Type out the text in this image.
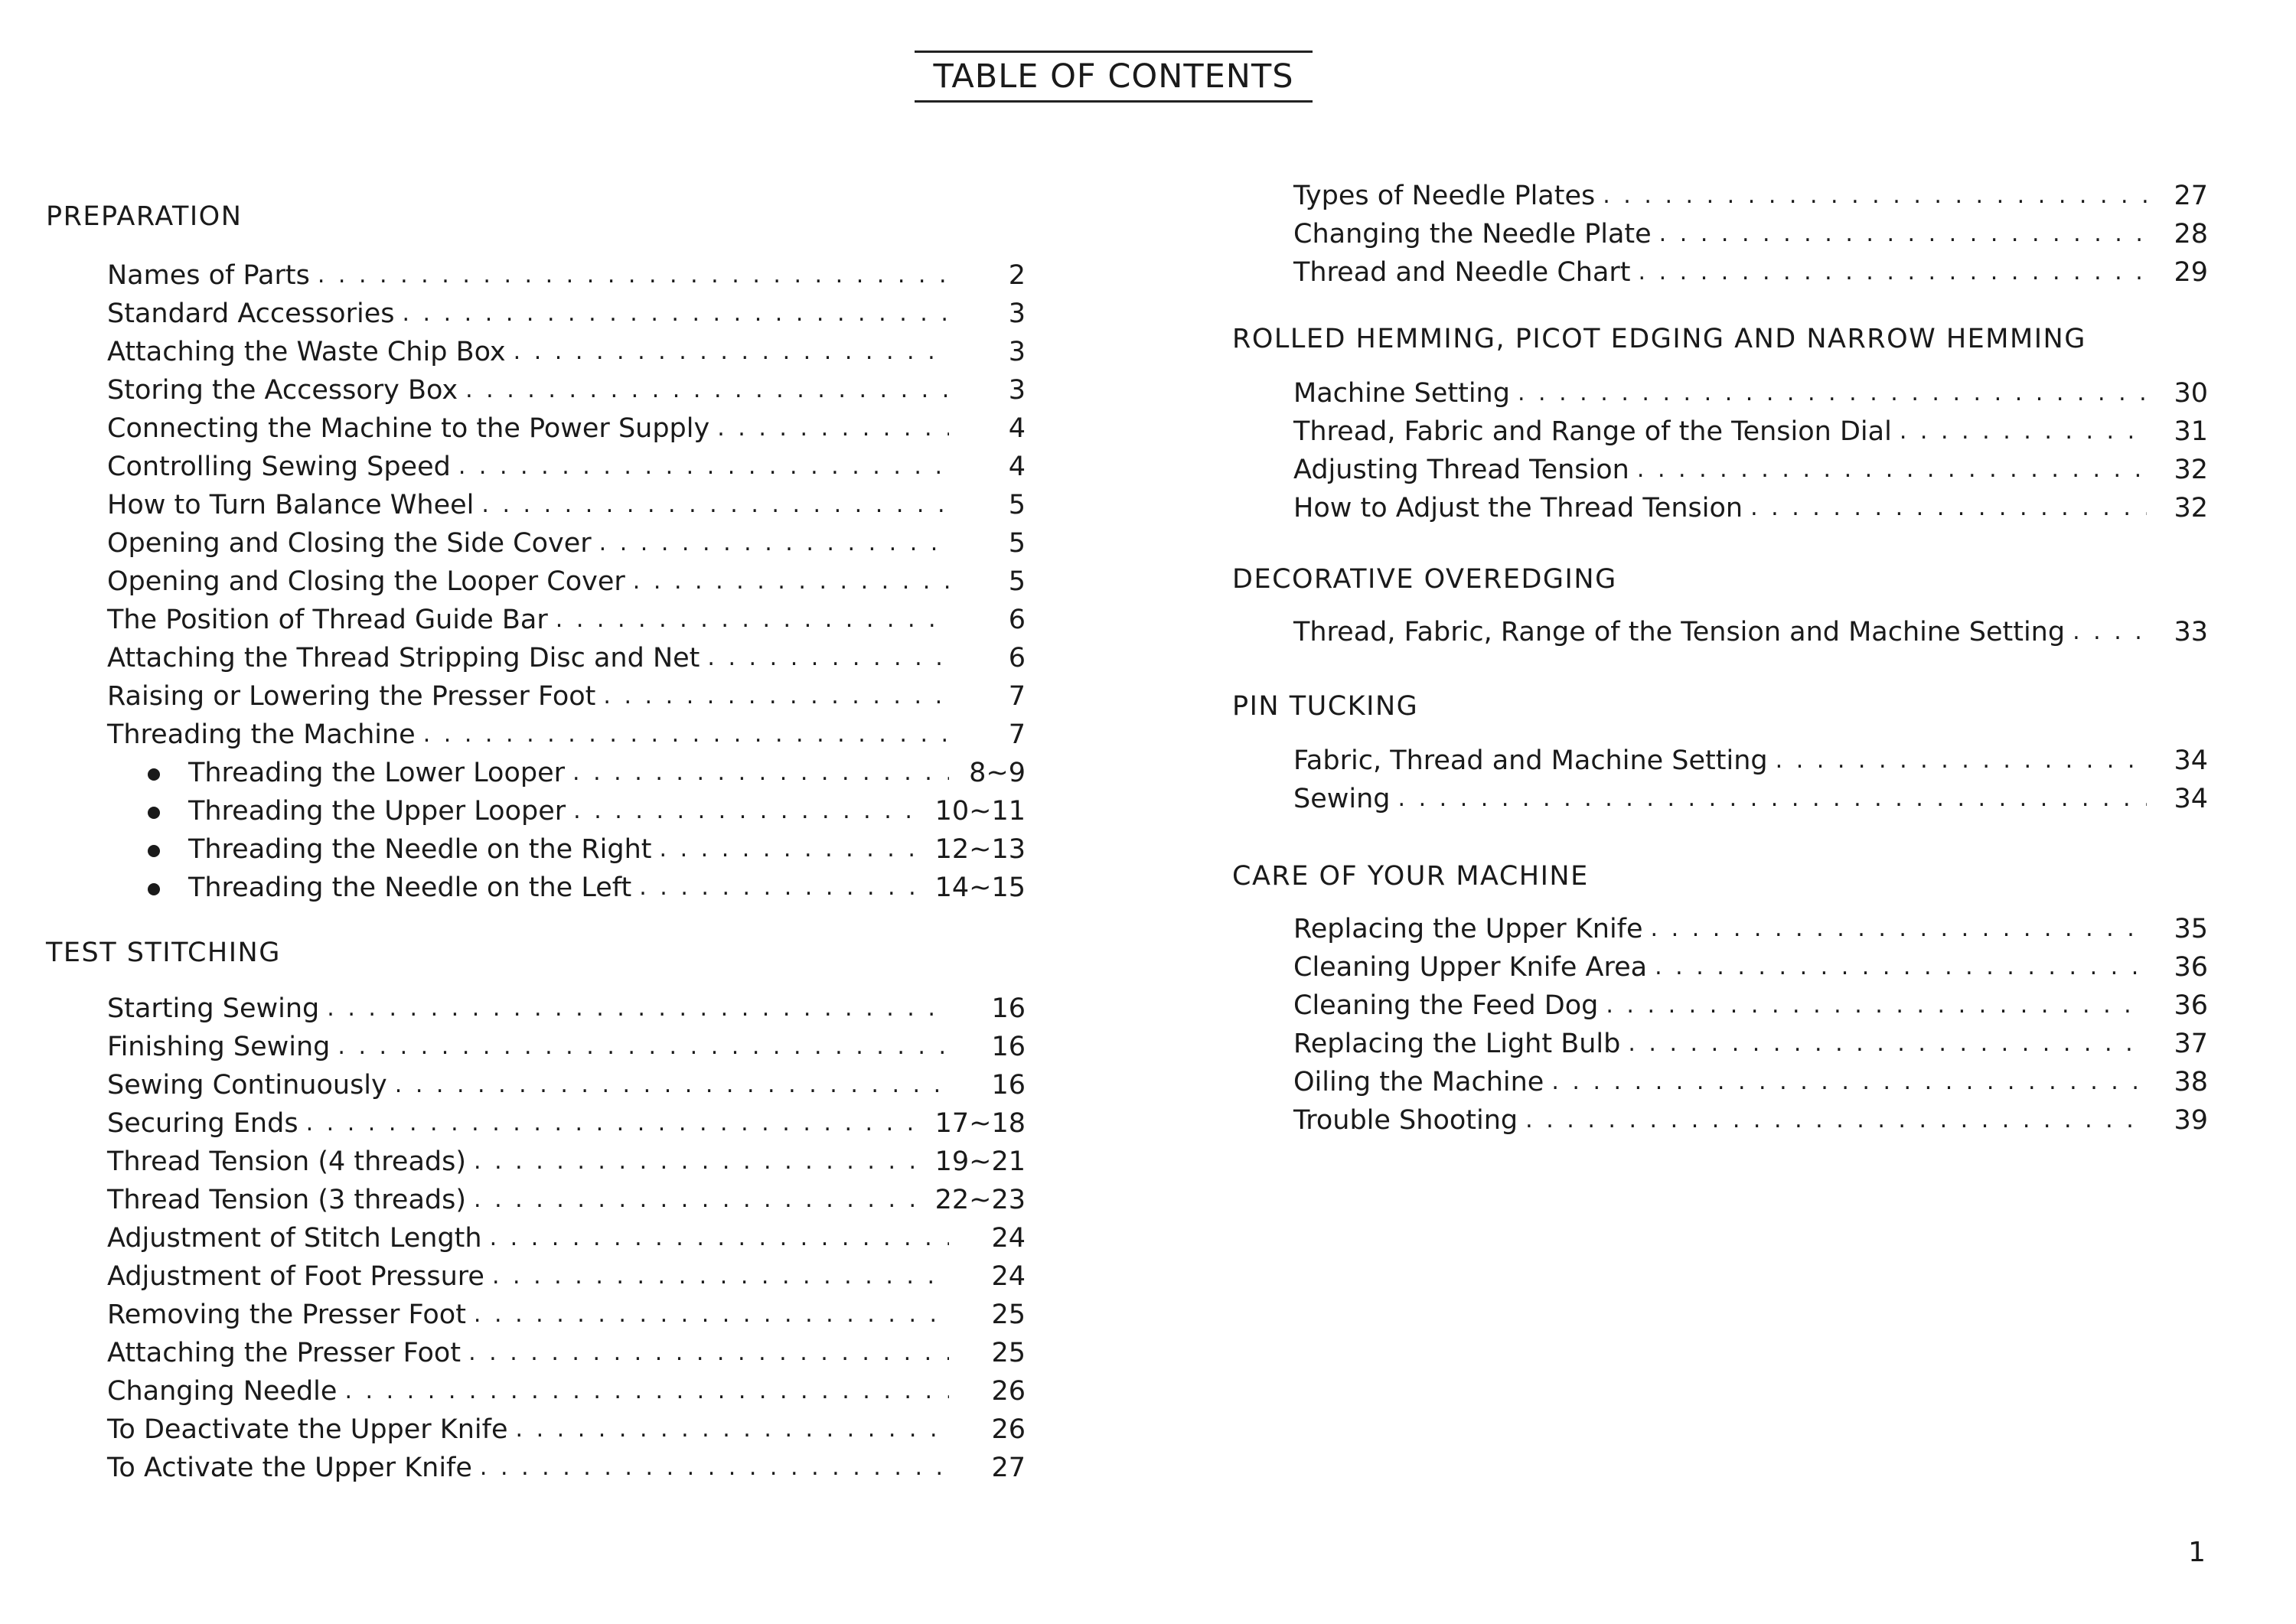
TABLE OF CONTENTS
PREPARATION
Names of Parts . . .	2
Standard Accessories . . .	3
Attaching the Waste Chip Box . . .	3
Storing the Accessory Box . . .	3
Connecting the Machine to the Power Supply . . .	4
Controlling Sewing Speed . . .	4
How to Turn Balance Wheel . . .	5
Opening and Closing the Side Cover . . .	5
Opening and Closing the Looper Cover . . .	5
The Position of Thread Guide Bar . . .	6
Attaching the Thread Stripping Disc and Net . . .	6
Raising or Lowering the Presser Foot . . .	7
Threading the Machine . . .	7
Threading the Lower Looper . . .	8~9
Threading the Upper Looper . . .	10~11
Threading the Needle on the Right . . .	12~13
Threading the Needle on the Left . . .	14~15
TEST STITCHING
Starting Sewing . . .	16
Finishing Sewing . . .	16
Sewing Continuously . . .	16
Securing Ends . . .	17~18
Thread Tension (4 threads) . . .	19~21
Thread Tension (3 threads) . . .	22~23
Adjustment of Stitch Length . . .	24
Adjustment of Foot Pressure . . .	24
Removing the Presser Foot . . .	25
Attaching the Presser Foot . . .	25
Changing Needle . . .	26
To Deactivate the Upper Knife . . .	26
To Activate the Upper Knife . . .	27
Types of Needle Plates . . .	27
Changing the Needle Plate . . .	28
Thread and Needle Chart . . .	29
ROLLED HEMMING, PICOT EDGING AND NARROW HEMMING
Machine Setting . . .	30
Thread, Fabric and Range of the Tension Dial . . .	31
Adjusting Thread Tension . . .	32
How to Adjust the Thread Tension . . .	32
DECORATIVE OVEREDGING
Thread, Fabric, Range of the Tension and Machine Setting . . .	33
PIN TUCKING
Fabric, Thread and Machine Setting . . .	34
Sewing . . .	34
CARE OF YOUR MACHINE
Replacing the Upper Knife . . .	35
Cleaning Upper Knife Area . . .	36
Cleaning the Feed Dog . . .	36
Replacing the Light Bulb . . .	37
Oiling the Machine . . .	38
Trouble Shooting . . .	39
1
